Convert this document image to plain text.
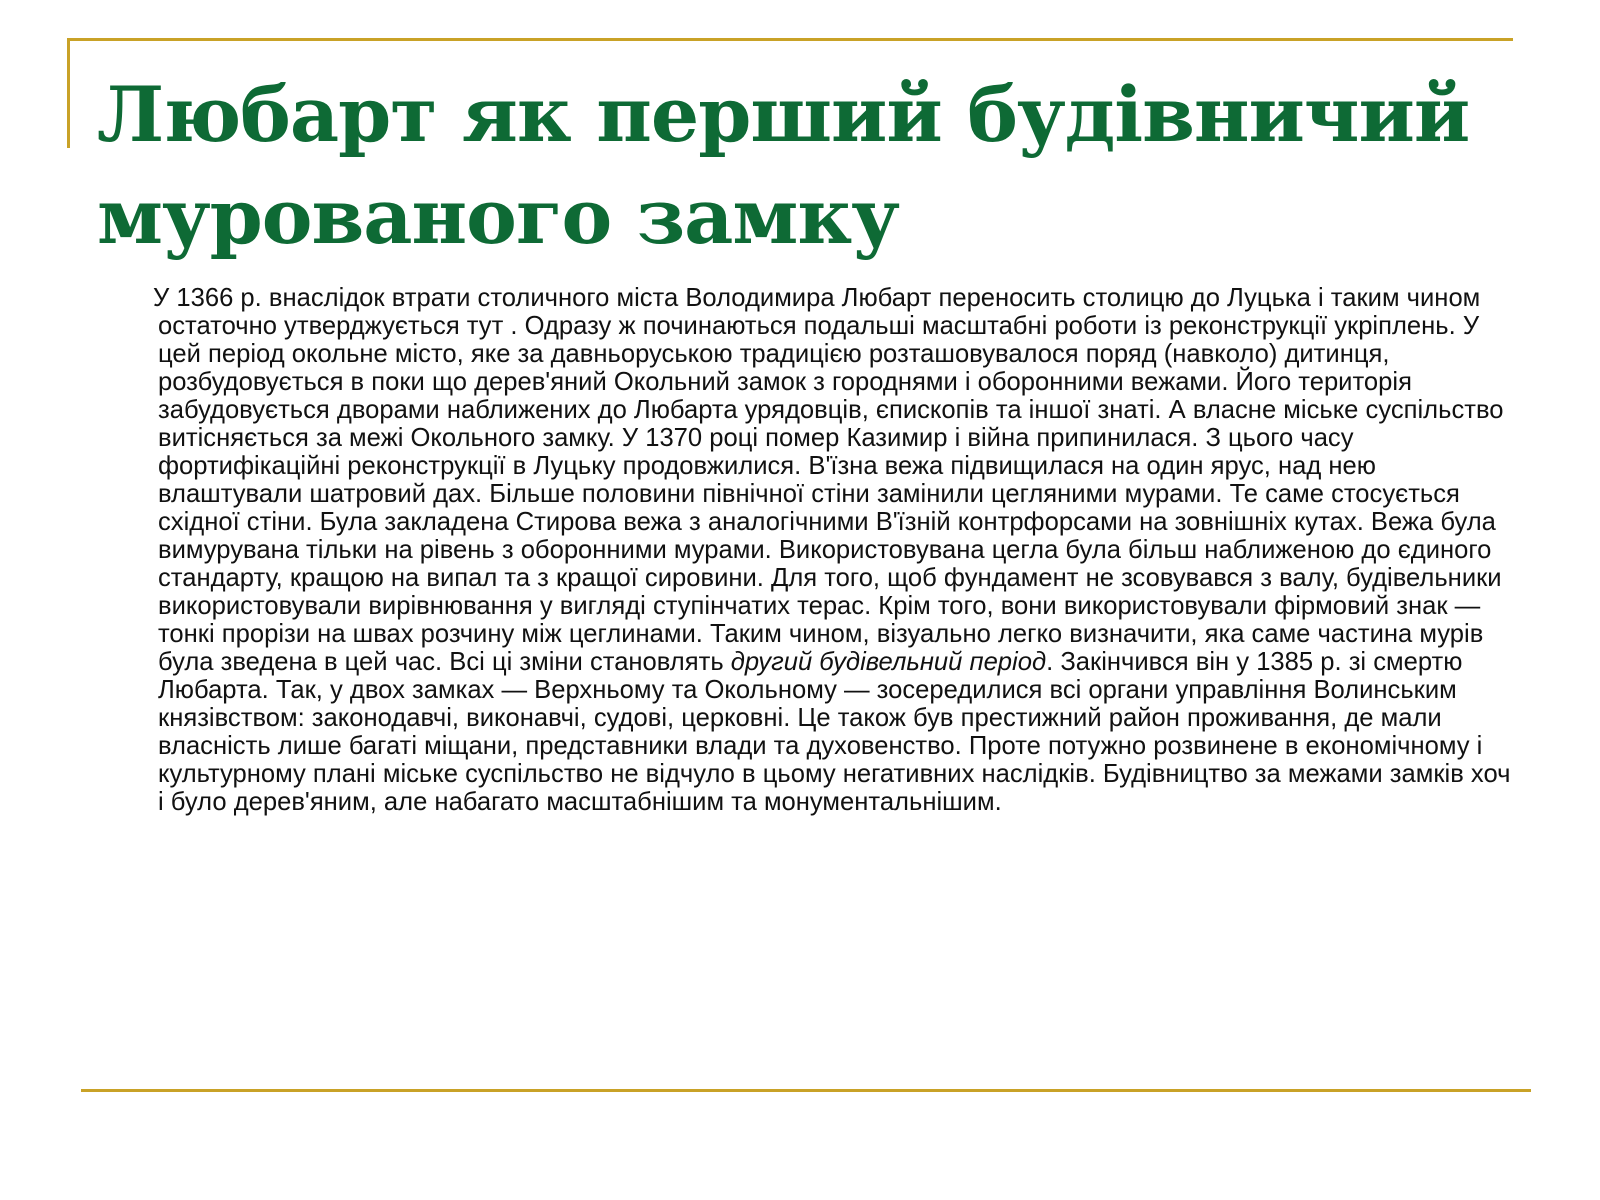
Любарт як перший будівничий мурованого замку

У 1366 р. внаслідок втрати столичного міста Володимира Любарт переносить столицю до Луцька і таким чином остаточно утверджується тут . Одразу ж починаються подальші масштабні роботи із реконструкції укріплень. У цей період окольне місто, яке за давньоруською традицією розташовувалося поряд (навколо) дитинця, розбудовується в поки що дерев'яний Окольний замок з городнями і оборонними вежами. Його територія забудовується дворами наближених до Любарта урядовців, єпископів та іншої знаті. А власне міське суспільство витісняється за межі Окольного замку. У 1370 році помер Казимир і війна припинилася. З цього часу фортифікаційні реконструкції в Луцьку продовжилися. В'їзна вежа підвищилася на один ярус, над нею влаштували шатровий дах. Більше половини північної стіни замінили цегляними мурами. Те саме стосується східної стіни. Була закладена Стирова вежа з аналогічними В'їзній контрфорсами на зовнішніх кутах. Вежа була вимурувана тільки на рівень з оборонними мурами. Використовувана цегла була більш наближеною до єдиного стандарту, кращою на випал та з кращої сировини. Для того, щоб фундамент не зсовувався з валу, будівельники використовували вирівнювання у вигляді ступінчатих терас. Крім того, вони використовували фірмовий знак — тонкі прорізи на швах розчину між цеглинами. Таким чином, візуально легко визначити, яка саме частина мурів була зведена в цей час. Всі ці зміни становлять другий будівельний період. Закінчився він у 1385 р. зі смертю Любарта. Так, у двох замках — Верхньому та Окольному — зосередилися всі органи управління Волинським князівством: законодавчі, виконавчі, судові, церковні. Це також був престижний район проживання, де мали власність лише багаті міщани, представники влади та духовенство. Проте потужно розвинене в економічному і культурному плані міське суспільство не відчуло в цьому негативних наслідків. Будівництво за межами замків хоч і було дерев'яним, але набагато масштабнішим та монументальнішим.
